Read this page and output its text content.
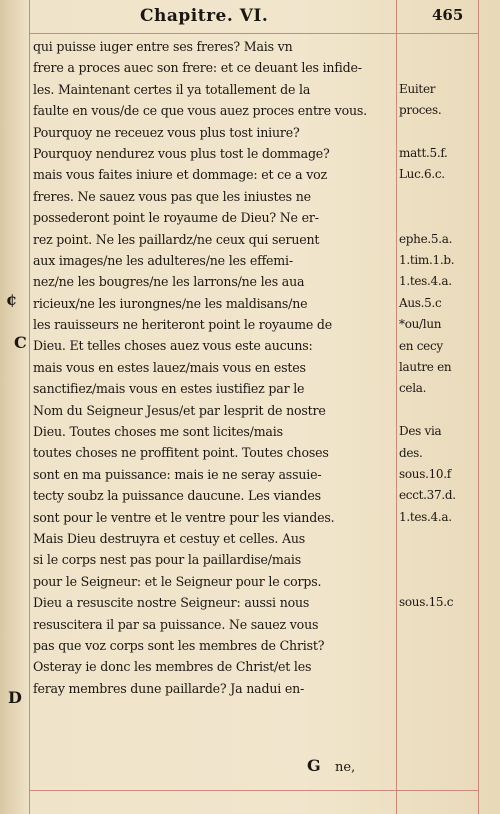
Chapitre. VI.	465
qui puisse iuger entre ses freres? Mais vn
frere a proces auec son frere: et ce deuant les infide-
les. Maintenant certes il ya totallement de la
faulte en vous/de ce que vous auez proces entre vous.
Pourquoy ne receuez vous plus tost iniure?
Pourquoy nendurez vous plus tost le dommage?
mais vous faites iniure et dommage: et ce a voz
freres. Ne sauez vous pas que les iniustes ne
possederont point le royaume de Dieu? Ne er-
rez point. Ne les paillardz/ne ceux qui seruent
aux images/ne les adulteres/ne les effemi-
nez/ne les bougres/ne les larrons/ne les aua
ricieux/ne les iurongnes/ne les maldisans/ne
les rauisseurs ne heriteront point le royaume de
Dieu. Et telles choses auez vous este aucuns:
mais vous en estes lauez/mais vous en estes
sanctifiez/mais vous en estes iustifiez par le
Nom du Seigneur Jesus/et par lesprit de nostre
Dieu. Toutes choses me sont licites/mais
toutes choses ne proffitent point. Toutes choses
sont en ma puissance: mais ie ne seray assuie-
tecty soubz la puissance daucune. Les viandes
sont pour le ventre et le ventre pour les viandes.
Mais Dieu destruyra et cestuy et celles. Aus
si le corps nest pas pour la paillardise/mais
pour le Seigneur: et le Seigneur pour le corps.
Dieu a resuscite nostre Seigneur: aussi nous
resuscitera il par sa puissance. Ne sauez vous
pas que voz corps sont les membres de Christ?
Osteray ie donc les membres de Christ/et les
feray membres dune paillarde? Ja nadui en-
Euiter
proces.
matt.5.f.
Luc.6.c.
ephe.5.a.
1.tim.1.b.
1.tes.4.a.
Aus.5.c
*ou/lun
en cecy
lautre en
cela.
Des via
des.
sous.10.f
ecct.37.d.
1.tes.4.a.
sous.15.c
¢
C
D
G ne,
